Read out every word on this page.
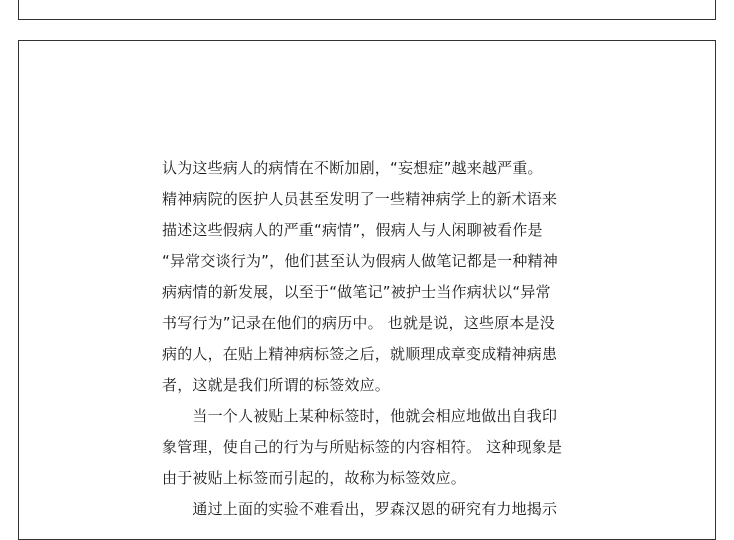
认为这些病人的病情在不断加剧，“妄想症”越来越严重。
精神病院的医护人员甚至发明了一些精神病学上的新术语来
描述这些假病人的严重“病情”，假病人与人闲聊被看作是
“异常交谈行为”，他们甚至认为假病人做笔记都是一种精神
病病情的新发展，以至于“做笔记”被护士当作病状以“异常
书写行为”记录在他们的病历中。 也就是说，这些原本是没
病的人，在贴上精神病标签之后，就顺理成章变成精神病患
者，这就是我们所谓的标签效应。
　　当一个人被贴上某种标签时，他就会相应地做出自我印
象管理，使自己的行为与所贴标签的内容相符。 这种现象是
由于被贴上标签而引起的，故称为标签效应。
　　通过上面的实验不难看出，罗森汉恩的研究有力地揭示
